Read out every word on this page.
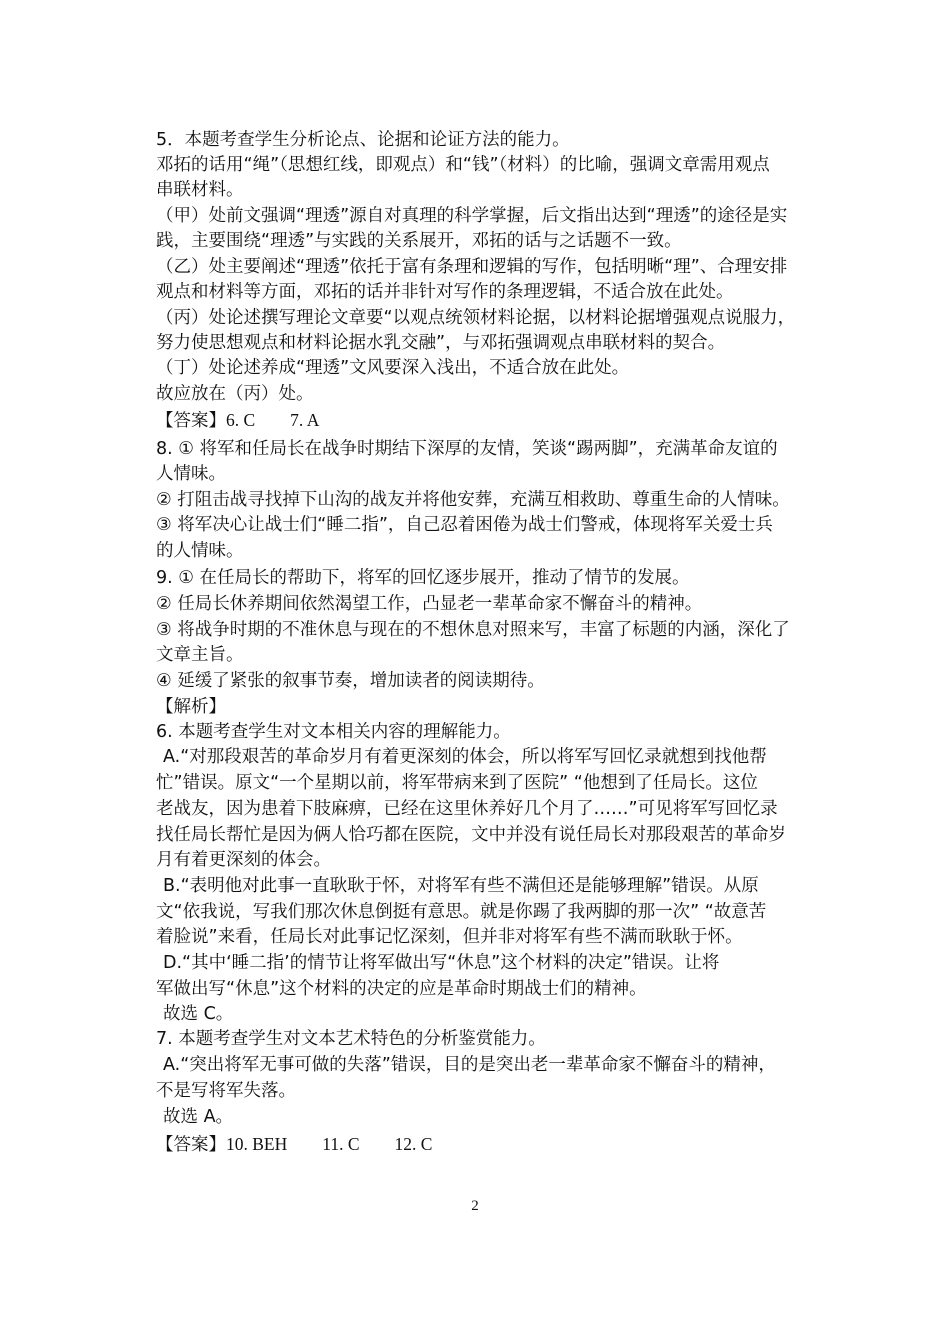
5．本题考查学生分析论点、论据和论证方法的能力。
邓拓的话用“绳”（思想红线，即观点）和“钱”（材料）的比喻，强调文章需用观点
串联材料。
（甲）处前文强调“理透”源自对真理的科学掌握，后文指出达到“理透”的途径是实
践，主要围绕“理透”与实践的关系展开，邓拓的话与之话题不一致。
（乙）处主要阐述“理透”依托于富有条理和逻辑的写作，包括明晰“理”、合理安排
观点和材料等方面，邓拓的话并非针对写作的条理逻辑，不适合放在此处。
（丙）处论述撰写理论文章要“以观点统领材料论据，以材料论据增强观点说服力，
努力使思想观点和材料论据水乳交融”，与邓拓强调观点串联材料的契合。
（丁）处论述养成“理透”文风要深入浅出，不适合放在此处。
故应放在（丙）处。
【答案】6. C　　7. A
8. ① 将军和任局长在战争时期结下深厚的友情，笑谈“踢两脚”，充满革命友谊的
人情味。
② 打阻击战寻找掉下山沟的战友并将他安葬，充满互相救助、尊重生命的人情味。
③ 将军决心让战士们“睡二指”，自己忍着困倦为战士们警戒，体现将军关爱士兵
的人情味。
9. ① 在任局长的帮助下，将军的回忆逐步展开，推动了情节的发展。
② 任局长休养期间依然渴望工作，凸显老一辈革命家不懈奋斗的精神。
③ 将战争时期的不准休息与现在的不想休息对照来写，丰富了标题的内涵，深化了
文章主旨。
④ 延缓了紧张的叙事节奏，增加读者的阅读期待。
【解析】
6. 本题考查学生对文本相关内容的理解能力。
A.“对那段艰苦的革命岁月有着更深刻的体会，所以将军写回忆录就想到找他帮
忙”错误。原文“一个星期以前，将军带病来到了医院” “他想到了任局长。这位
老战友，因为患着下肢麻痹，已经在这里休养好几个月了……”可见将军写回忆录
找任局长帮忙是因为俩人恰巧都在医院，文中并没有说任局长对那段艰苦的革命岁
月有着更深刻的体会。
B.“表明他对此事一直耿耿于怀，对将军有些不满但还是能够理解”错误。从原
文“依我说，写我们那次休息倒挺有意思。就是你踢了我两脚的那一次” “故意苦
着脸说”来看，任局长对此事记忆深刻，但并非对将军有些不满而耿耿于怀。
D.“其中‘睡二指’的情节让将军做出写“休息”这个材料的决定”错误。让将
军做出写“休息”这个材料的决定的应是革命时期战士们的精神。
故选 C。
7. 本题考查学生对文本艺术特色的分析鉴赏能力。
A.“突出将军无事可做的失落”错误，目的是突出老一辈革命家不懈奋斗的精神，
不是写将军失落。
故选 A。
【答案】10. BEH　　11. C　　12. C
2
